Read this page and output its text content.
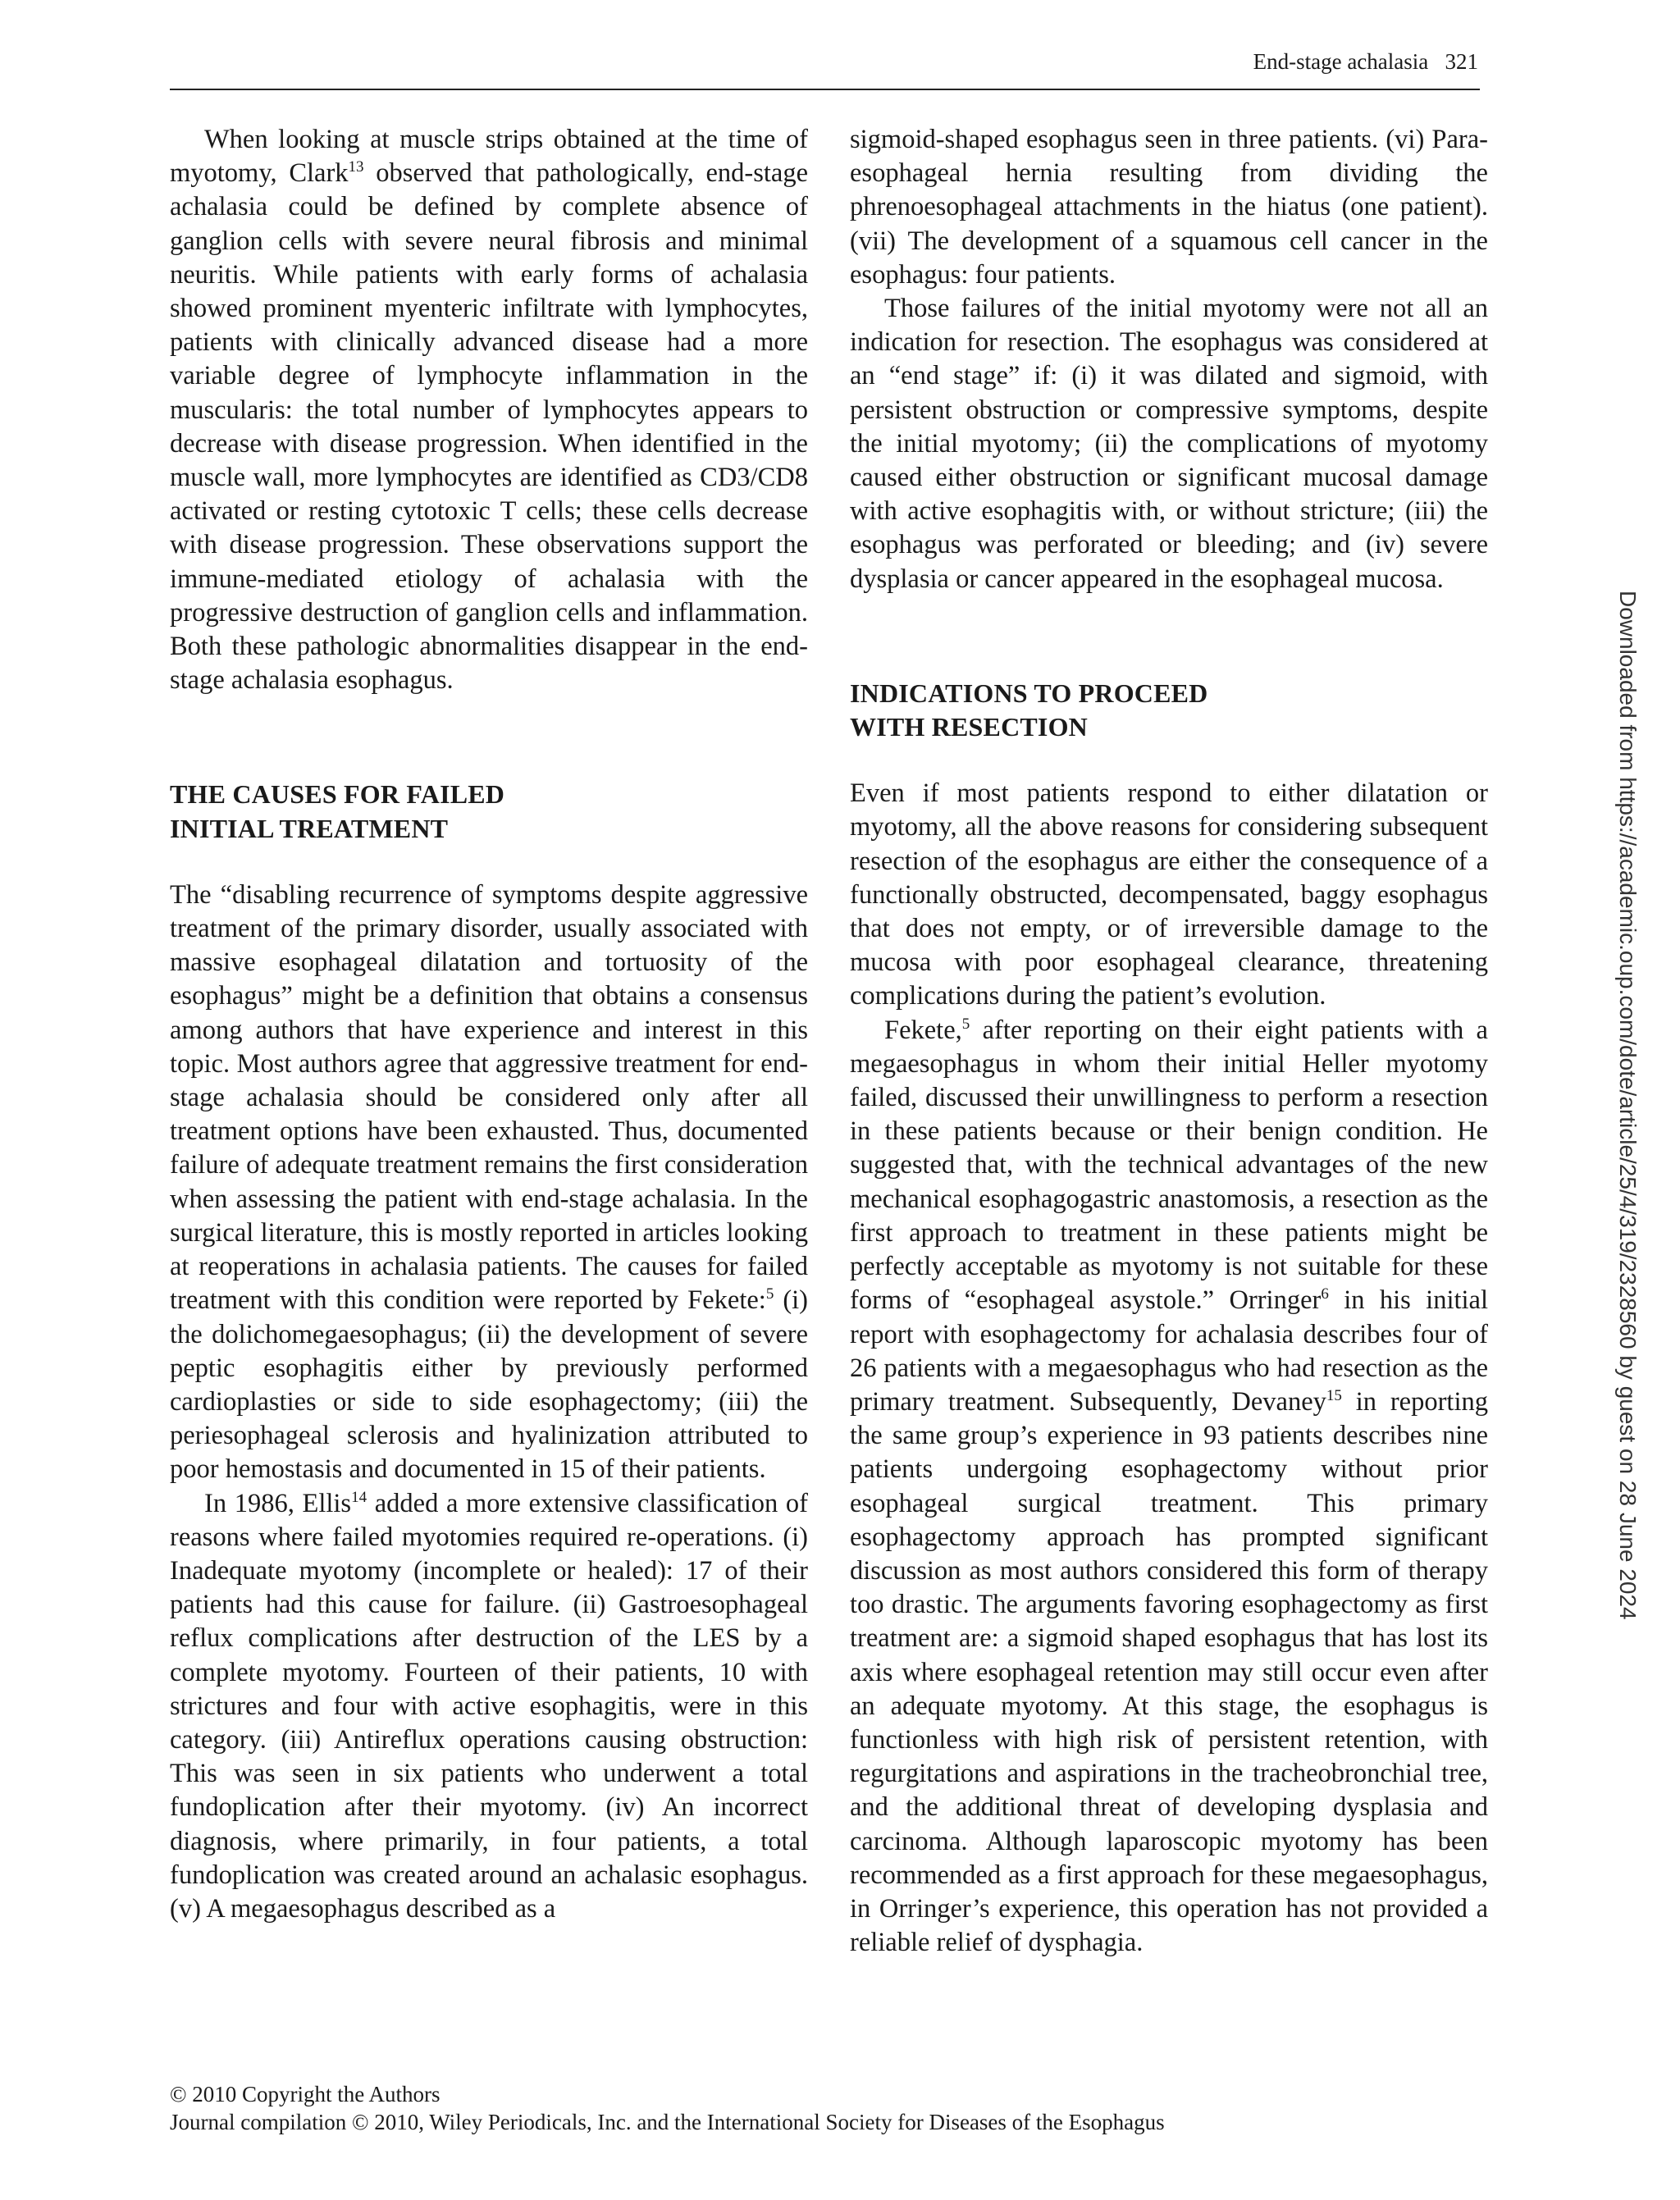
End-stage achalasia 321

When looking at muscle strips obtained at the time of myotomy, Clark$^{13}$ observed that pathologically, end-stage achalasia could be defined by complete absence of ganglion cells with severe neural fibrosis and minimal neuritis. While patients with early forms of achalasia showed prominent myenteric infiltrate with lymphocytes, patients with clinically advanced disease had a more variable degree of lymphocyte inflammation in the muscularis: the total number of lymphocytes appears to decrease with disease progression. When identified in the muscle wall, more lymphocytes are identified as CD3/CD8 activated or resting cytotoxic T cells; these cells decrease with disease progression. These observations support the immune-mediated etiology of achalasia with the progressive destruction of ganglion cells and inflammation. Both these pathologic abnormalities disappear in the end-stage achalasia esophagus.

THE CAUSES FOR FAILED
INITIAL TREATMENT

The “disabling recurrence of symptoms despite aggressive treatment of the primary disorder, usually associated with massive esophageal dilatation and tortuosity of the esophagus” might be a definition that obtains a consensus among authors that have experience and interest in this topic. Most authors agree that aggressive treatment for end-stage achalasia should be considered only after all treatment options have been exhausted. Thus, documented failure of adequate treatment remains the first consideration when assessing the patient with end-stage achalasia. In the surgical literature, this is mostly reported in articles looking at reoperations in achalasia patients. The causes for failed treatment with this condition were reported by Fekete:$^5$ (i) the dolichomegaesophagus; (ii) the development of severe peptic esophagitis either by previously performed cardioplasties or side to side esophagectomy; (iii) the periesophageal sclerosis and hyalinization attributed to poor hemostasis and documented in 15 of their patients.

In 1986, Ellis$^{14}$ added a more extensive classification of reasons where failed myotomies required re-operations. (i) Inadequate myotomy (incomplete or healed): 17 of their patients had this cause for failure. (ii) Gastroesophageal reflux complications after destruction of the LES by a complete myotomy. Fourteen of their patients, 10 with strictures and four with active esophagitis, were in this category. (iii) Antireflux operations causing obstruction: This was seen in six patients who underwent a total fundoplication after their myotomy. (iv) An incorrect diagnosis, where primarily, in four patients, a total fundoplication was created around an achalasic esophagus. (v) A megaesophagus described as a

sigmoid-shaped esophagus seen in three patients. (vi) Para-esophageal hernia resulting from dividing the phrenoesophageal attachments in the hiatus (one patient). (vii) The development of a squamous cell cancer in the esophagus: four patients.

Those failures of the initial myotomy were not all an indication for resection. The esophagus was considered at an “end stage” if: (i) it was dilated and sigmoid, with persistent obstruction or compressive symptoms, despite the initial myotomy; (ii) the complications of myotomy caused either obstruction or significant mucosal damage with active esophagitis with, or without stricture; (iii) the esophagus was perforated or bleeding; and (iv) severe dysplasia or cancer appeared in the esophageal mucosa.

INDICATIONS TO PROCEED
WITH RESECTION

Even if most patients respond to either dilatation or myotomy, all the above reasons for considering subsequent resection of the esophagus are either the consequence of a functionally obstructed, decompensated, baggy esophagus that does not empty, or of irreversible damage to the mucosa with poor esophageal clearance, threatening complications during the patient’s evolution.

Fekete,$^5$ after reporting on their eight patients with a megaesophagus in whom their initial Heller myotomy failed, discussed their unwillingness to perform a resection in these patients because or their benign condition. He suggested that, with the technical advantages of the new mechanical esophagogastric anastomosis, a resection as the first approach to treatment in these patients might be perfectly acceptable as myotomy is not suitable for these forms of “esophageal asystole.” Orringer$^6$ in his initial report with esophagectomy for achalasia describes four of 26 patients with a megaesophagus who had resection as the primary treatment. Subsequently, Devaney$^{15}$ in reporting the same group’s experience in 93 patients describes nine patients undergoing esophagectomy without prior esophageal surgical treatment. This primary esophagectomy approach has prompted significant discussion as most authors considered this form of therapy too drastic. The arguments favoring esophagectomy as first treatment are: a sigmoid shaped esophagus that has lost its axis where esophageal retention may still occur even after an adequate myotomy. At this stage, the esophagus is functionless with high risk of persistent retention, with regurgitations and aspirations in the tracheobronchial tree, and the additional threat of developing dysplasia and carcinoma. Although laparoscopic myotomy has been recommended as a first approach for these megaesophagus, in Orringer’s experience, this operation has not provided a reliable relief of dysphagia.

Downloaded from https://academic.oup.com/dote/article/25/4/319/2328560 by guest on 28 June 2024
© 2010 Copyright the Authors
Journal compilation © 2010, Wiley Periodicals, Inc. and the International Society for Diseases of the Esophagus
